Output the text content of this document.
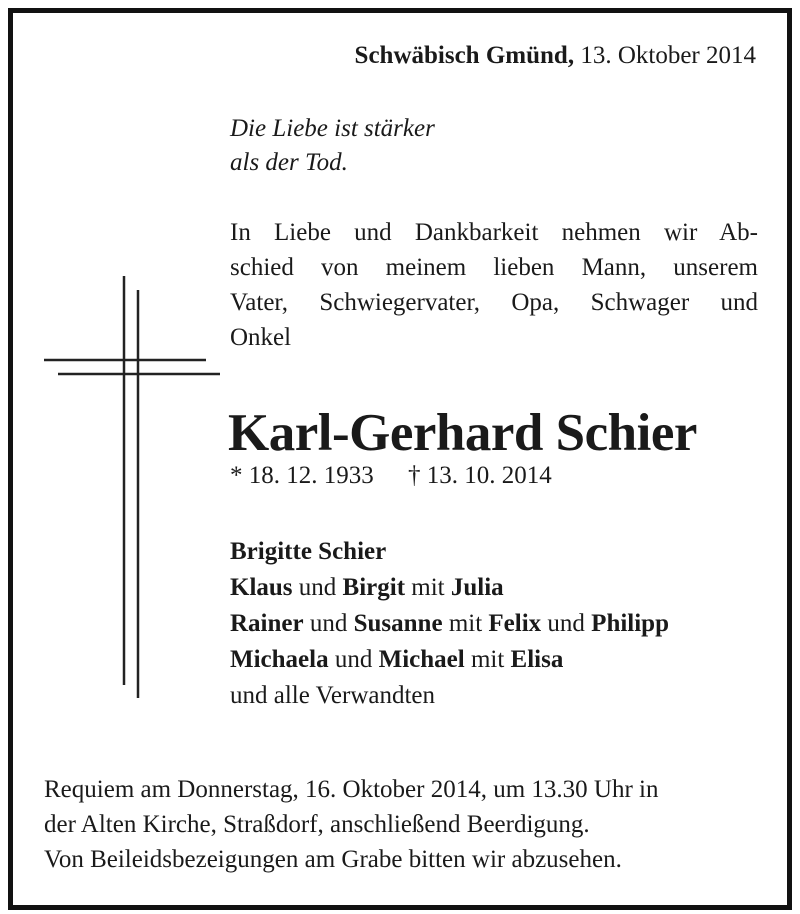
Schwäbisch Gmünd, 13. Oktober 2014
Die Liebe ist stärker
als der Tod.
In Liebe und Dankbarkeit nehmen wir Ab-
schied von meinem lieben Mann, unserem
Vater, Schwiegervater, Opa, Schwager und
Onkel
Karl-Gerhard Schier
* 18. 12. 1933 † 13. 10. 2014
Brigitte Schier
Klaus und Birgit mit Julia
Rainer und Susanne mit Felix und Philipp
Michaela und Michael mit Elisa
und alle Verwandten
Requiem am Donnerstag, 16. Oktober 2014, um 13.30 Uhr in
der Alten Kirche, Straßdorf, anschließend Beerdigung.
Von Beileidsbezeigungen am Grabe bitten wir abzusehen.
